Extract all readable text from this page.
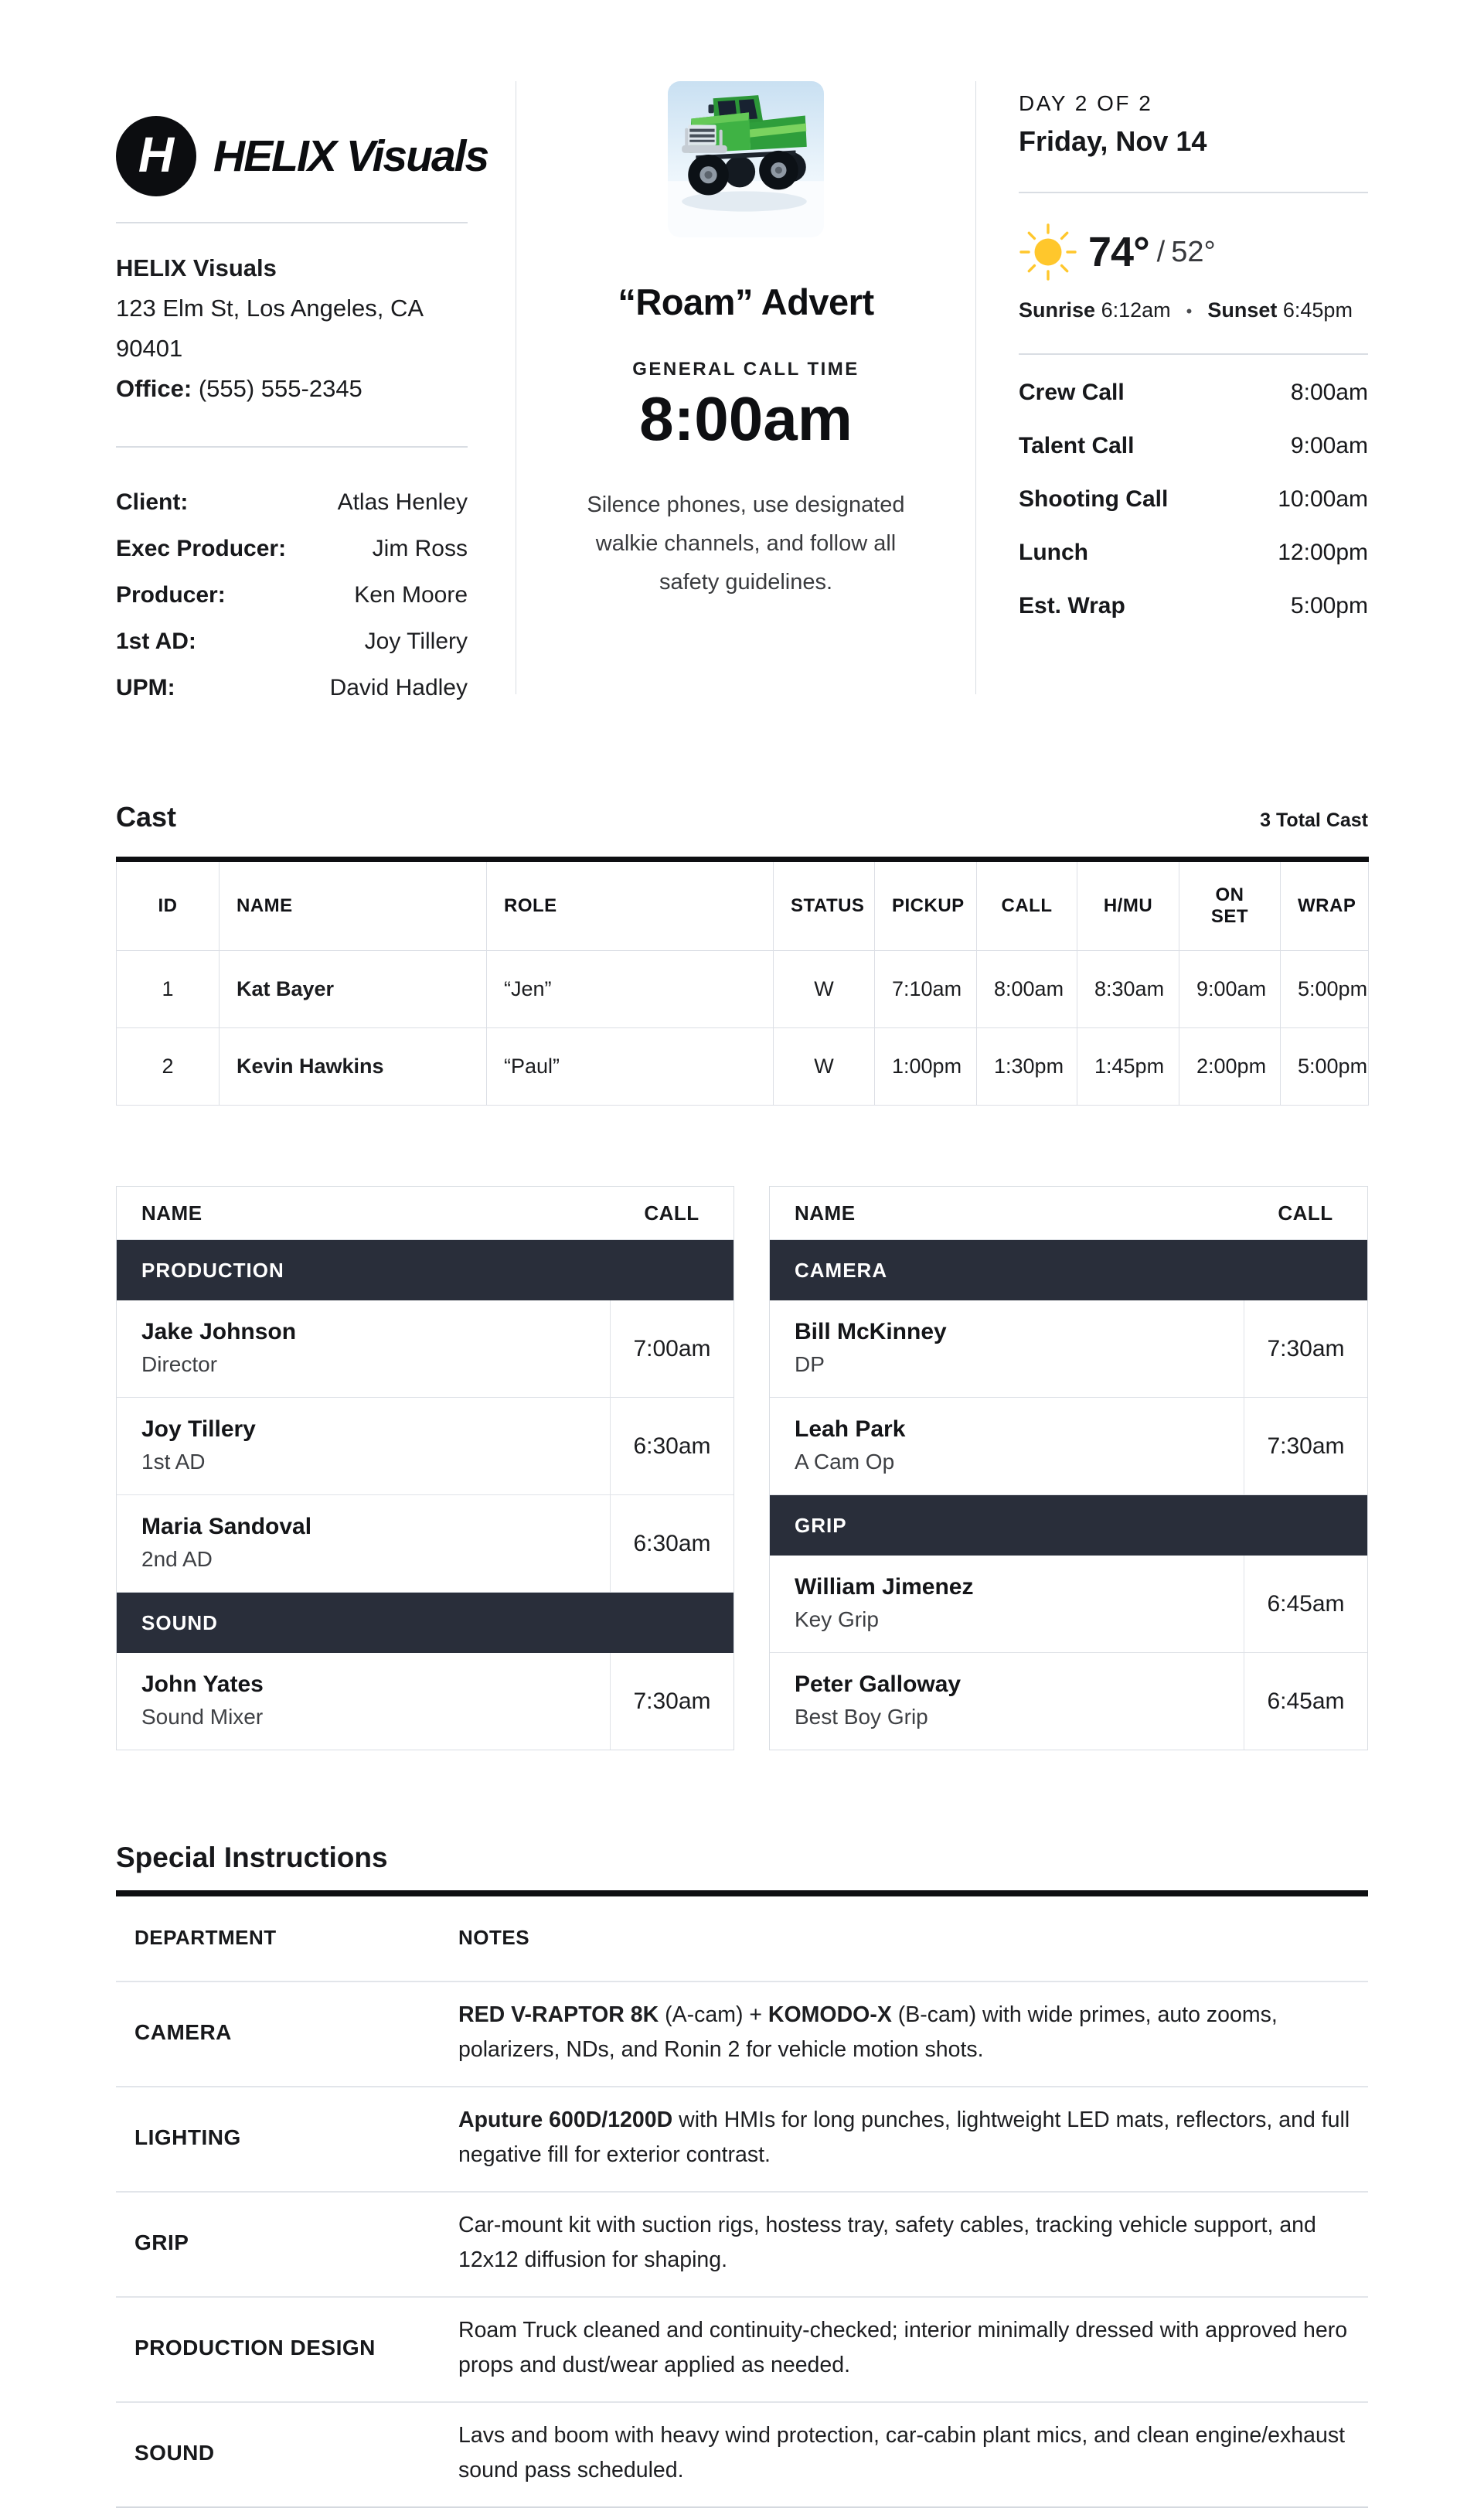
H HELIX Visuals
HELIX Visuals
123 Elm St, Los Angeles, CA 90401
Office: (555) 555-2345
Client:	Atlas Henley
Exec Producer:	Jim Ross
Producer:	Ken Moore
1st AD:	Joy Tillery
UPM:	David Hadley
“Roam” Advert
GENERAL CALL TIME
8:00am

Silence phones, use designated
walkie channels, and follow all
safety guidelines.

DAY 2 OF 2
Friday, Nov 14
74° / 52°
Sunrise 6:12am • Sunset 6:45pm
Crew Call	8:00am
Talent Call	9:00am
Shooting Call	10:00am
Lunch	12:00pm
Est. Wrap	5:00pm
Cast	3 Total Cast
ID	NAME	ROLE	STATUS	PICKUP	CALL	H/MU	ON SET	WRAP
1	Kat Bayer	“Jen”	W	7:10am	8:00am	8:30am	9:00am	5:00pm
2	Kevin Hawkins	“Paul”	W	1:00pm	1:30pm	1:45pm	2:00pm	5:00pm
NAME	CALL
PRODUCTION
Jake Johnson
Director
7:00am
Joy Tillery
1st AD
6:30am
Maria Sandoval
2nd AD
6:30am
SOUND
John Yates
Sound Mixer
7:30am
NAME	CALL
CAMERA
Bill McKinney
DP
7:30am
Leah Park
A Cam Op
7:30am
GRIP
William Jimenez
Key Grip
6:45am
Peter Galloway
Best Boy Grip
6:45am
Special Instructions
DEPARTMENT	NOTES
CAMERA
RED V-RAPTOR 8K (A-cam) + KOMODO-X (B-cam) with wide primes, auto zooms, polarizers, NDs, and Ronin 2 for vehicle motion shots.
LIGHTING
Aputure 600D/1200D with HMIs for long punches, lightweight LED mats, reflectors, and full negative fill for exterior contrast.
GRIP
Car-mount kit with suction rigs, hostess tray, safety cables, tracking vehicle support, and 12x12 diffusion for shaping.
PRODUCTION DESIGN
Roam Truck cleaned and continuity-checked; interior minimally dressed with approved hero props and dust/wear applied as needed.
SOUND
Lavs and boom with heavy wind protection, car-cabin plant mics, and clean engine/exhaust sound pass scheduled.
